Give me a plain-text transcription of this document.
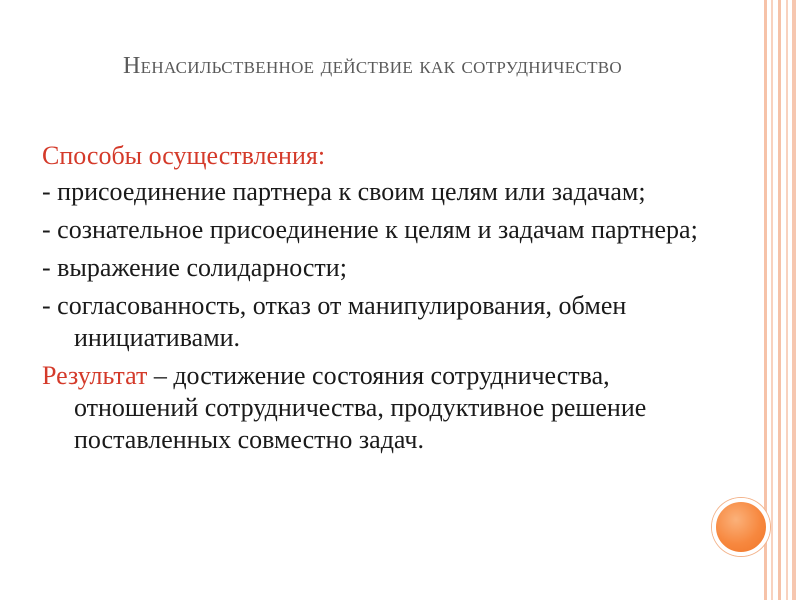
Ненасильственное действие как сотрудничество

Способы осуществления:

- присоединение партнера к своим целям или задачам;

- сознательное присоединение к целям и задачам партнера;

- выражение солидарности;

- согласованность, отказ от манипулирования, обмен инициативами.

Результат – достижение состояния сотрудничества, отношений сотрудничества, продуктивное решение поставленных совместно задач.
